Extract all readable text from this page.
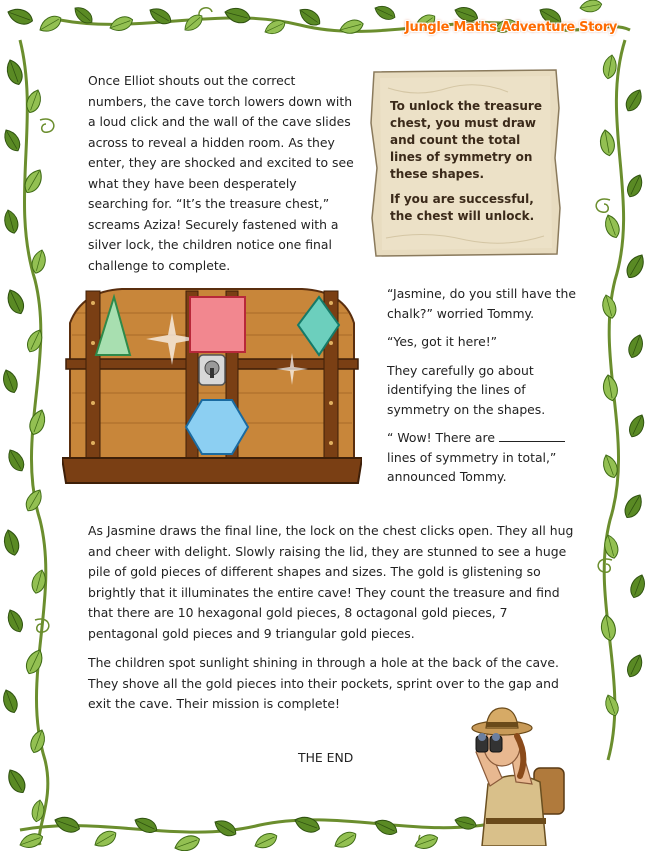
Jungle Maths Adventure Story

Once Elliot shouts out the correct numbers, the cave torch lowers down with a loud click and the wall of the cave slides across to reveal a hidden room. As they enter, they are shocked and excited to see what they have been desperately searching for. “It’s the treasure chest,” screams Aziza! Securely fastened with a silver lock, the children notice one final challenge to complete.

To unlock the treasure chest, you must draw and count the total lines of symmetry on these shapes.

If you are successful, the chest will unlock.

“Jasmine, do you still have the chalk?” worried Tommy.

“Yes, got it here!”

They carefully go about identifying the lines of symmetry on the shapes.

“ Wow! There are  lines of symmetry in total,” announced Tommy.

As Jasmine draws the final line, the lock on the chest clicks open. They all hug and cheer with delight. Slowly raising the lid, they are stunned to see a huge pile of gold pieces of different shapes and sizes. The gold is glistening so brightly that it illuminates the entire cave! They count the treasure and find that there are 10 hexagonal gold pieces, 8 octagonal gold pieces, 7 pentagonal gold pieces and 9 triangular gold pieces.

The children spot sunlight shining in through a hole at the back of the cave. They shove all the gold pieces into their pockets, sprint over to the gap and exit the cave. Their mission is complete!

THE END
